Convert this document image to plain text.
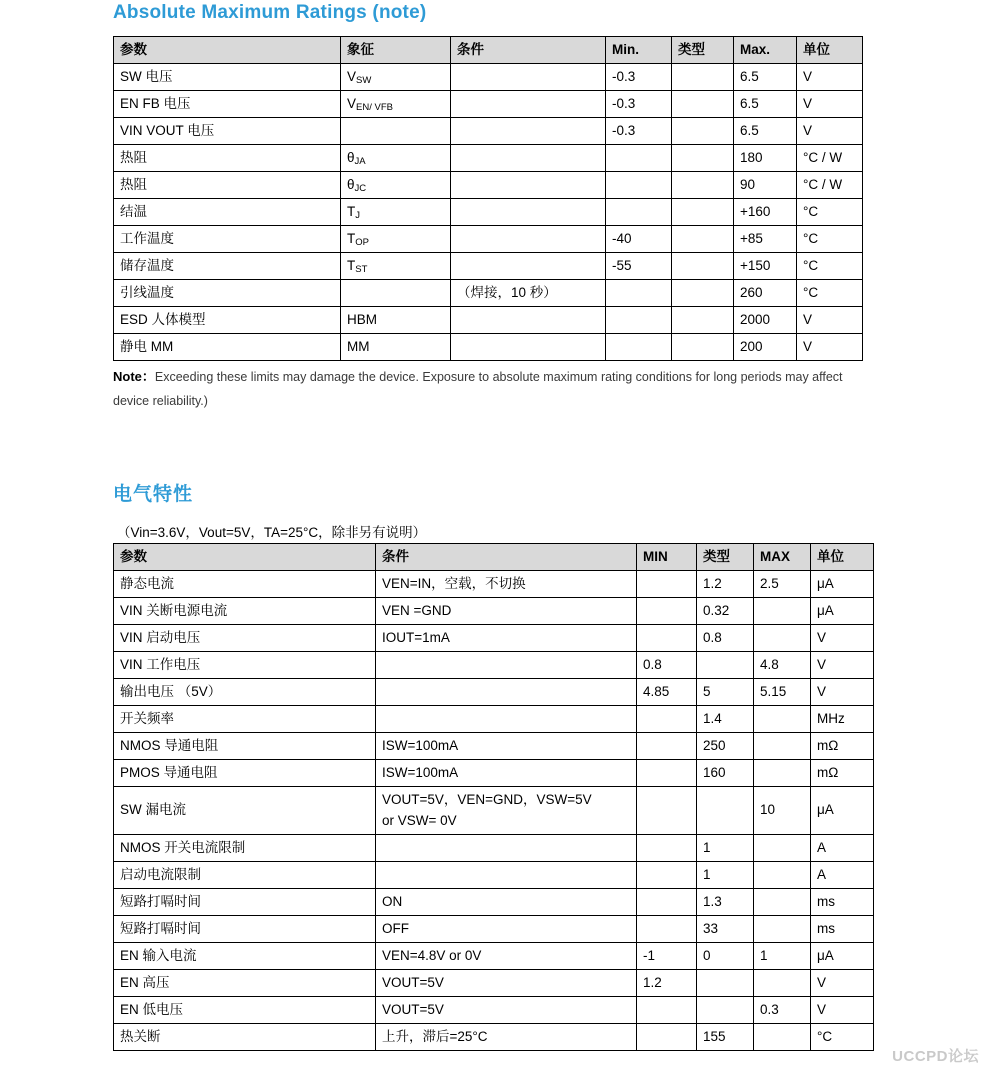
Absolute Maximum Ratings (note)
参数	象征	条件	Min.	类型	Max.	单位
SW 电压	$V_{SW}$		-0.3		6.5	V
EN FB 电压	$V_{EN/ VFB}$		-0.3		6.5	V
VIN VOUT 电压			-0.3		6.5	V
热阻	$\theta_{JA}$				180	°C / W
热阻	$\theta_{JC}$				90	°C / W
结温	$T_J$				+160	°C
工作温度	$T_{OP}$		-40		+85	°C
储存温度	$T_{ST}$		-55		+150	°C
引线温度		（焊接，10 秒）			260	°C
ESD 人体模型	HBM				2000	V
静电 MM	MM				200	V
Note：Exceeding these limits may damage the device. Exposure to absolute maximum rating conditions for long periods may affect device reliability.)
电气特性
（Vin=3.6V，Vout=5V，TA=25°C，除非另有说明）
参数	条件	MIN	类型	MAX	单位
静态电流	VEN=IN，空载，不切换		1.2	2.5	μA
VIN 关断电源电流	VEN =GND		0.32		μA
VIN 启动电压	IOUT=1mA		0.8		V
VIN 工作电压		0.8		4.8	V
输出电压 （5V）		4.85	5	5.15	V
开关频率			1.4		MHz
NMOS 导通电阻	ISW=100mA		250		mΩ
PMOS 导通电阻	ISW=100mA		160		mΩ
SW 漏电流	VOUT=5V，VEN=GND，VSW=5V
or VSW= 0V			10	μA
NMOS 开关电流限制			1		A
启动电流限制			1		A
短路打嗝时间	ON		1.3		ms
短路打嗝时间	OFF		33		ms
EN 输入电流	VEN=4.8V or 0V	-1	0	1	μA
EN 高压	VOUT=5V	1.2			V
EN 低电压	VOUT=5V			0.3	V
热关断	上升，滞后=25°C		155		°C
UCCPD论坛
